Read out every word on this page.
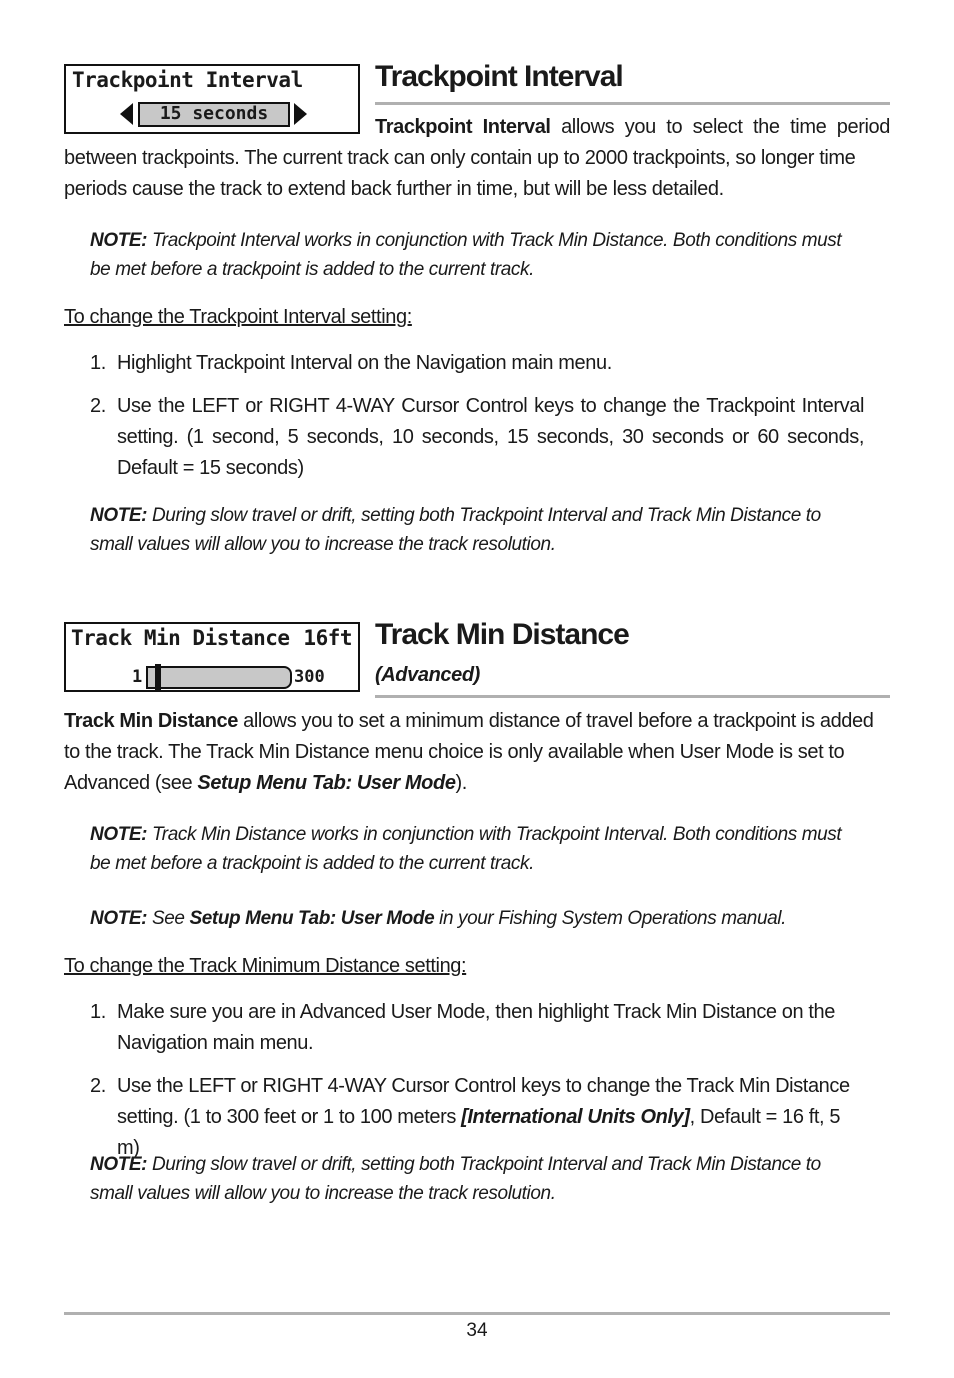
Trackpoint Interval
15 seconds
Trackpoint Interval
Trackpoint Interval allows you to select the time period
between trackpoints. The current track can only contain up to 2000 trackpoints, so longer time periods cause the track to extend back further in time, but will be less detailed.
NOTE: Trackpoint Interval works in conjunction with Track Min Distance. Both conditions must be met before a trackpoint is added to the current track.
To change the Trackpoint Interval setting:
1. Highlight Trackpoint Interval on the Navigation main menu.
2. Use the LEFT or RIGHT 4-WAY Cursor Control keys to change the Trackpoint Interval setting. (1 second, 5 seconds, 10 seconds, 15 seconds, 30 seconds or 60 seconds, Default = 15 seconds)
NOTE: During slow travel or drift, setting both Trackpoint Interval and Track Min Distance to small values will allow you to increase the track resolution.
Track Min Distance 16ft
1	300
Track Min Distance
(Advanced)
Track Min Distance allows you to set a minimum distance of travel before a trackpoint is added to the track. The Track Min Distance menu choice is only available when User Mode is set to Advanced (see Setup Menu Tab: User Mode).
NOTE: Track Min Distance works in conjunction with Trackpoint Interval. Both conditions must be met before a trackpoint is added to the current track.
NOTE: See Setup Menu Tab: User Mode in your Fishing System Operations manual.
To change the Track Minimum Distance setting:
1. Make sure you are in Advanced User Mode, then highlight Track Min Distance on the Navigation main menu.
2. Use the LEFT or RIGHT 4-WAY Cursor Control keys to change the Track Min Distance setting. (1 to 300 feet or 1 to 100 meters [International Units Only], Default = 16 ft, 5 m)
NOTE: During slow travel or drift, setting both Trackpoint Interval and Track Min Distance to small values will allow you to increase the track resolution.
34
